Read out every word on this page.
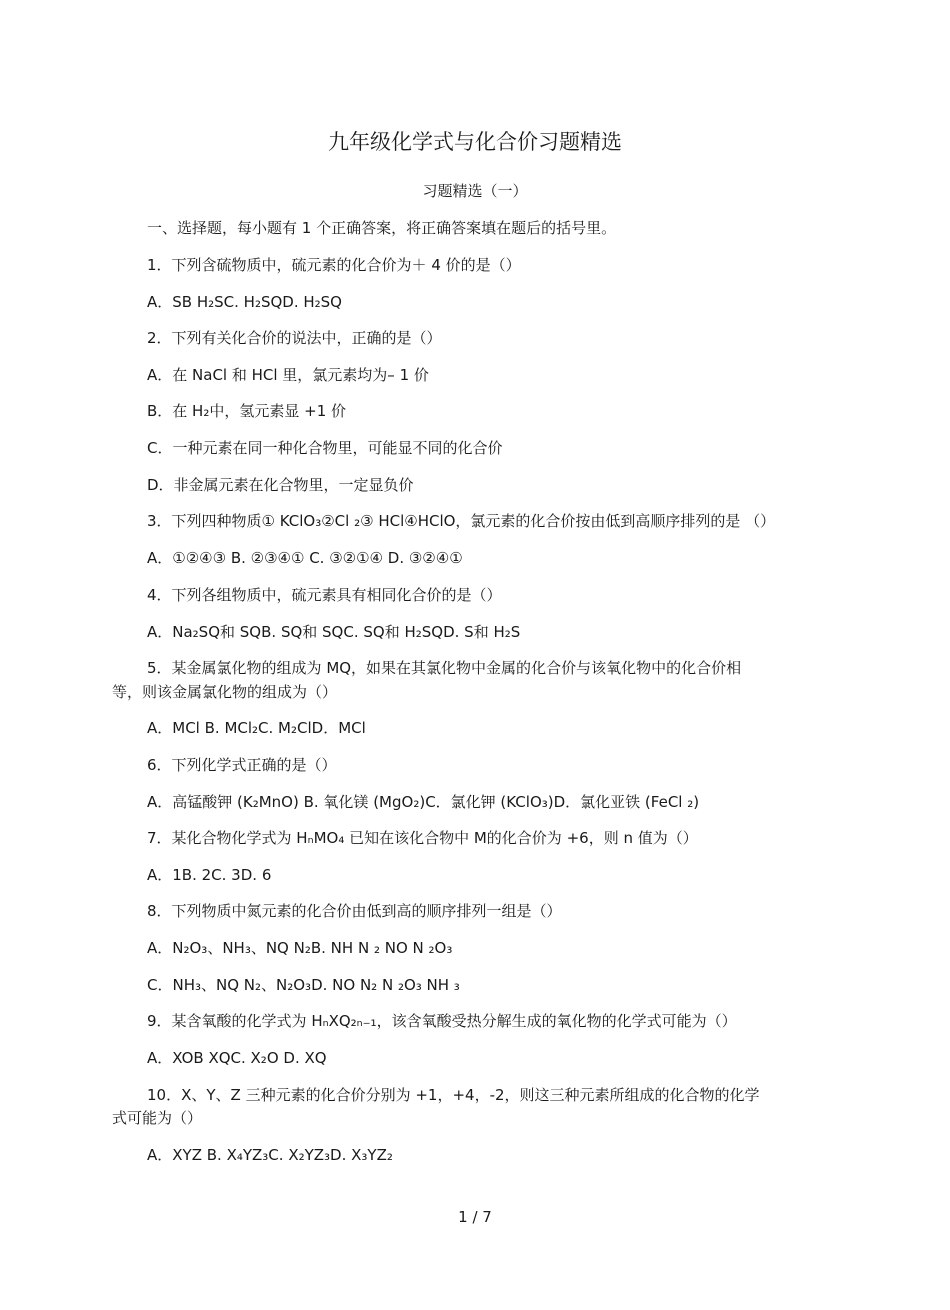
九年级化学式与化合价习题精选
习题精选（一）
一、选择题，每小题有 1 个正确答案，将正确答案填在题后的括号里。
1．下列含硫物质中，硫元素的化合价为＋ 4 价的是（）
A．SB H₂SC. H₂SQD. H₂SQ
2．下列有关化合价的说法中，正确的是（）
A．在 NaCl 和 HCl 里，氯元素均为– 1 价
B．在 H₂中，氢元素显 +1 价
C．一种元素在同一种化合物里，可能显不同的化合价
D．非金属元素在化合物里，一定显负价
3．下列四种物质① KClO₃②Cl ₂③ HCl④HClO，氯元素的化合价按由低到高顺序排列的是 （）
A．①②④③ B. ②③④① C. ③②①④ D. ③②④①
4．下列各组物质中，硫元素具有相同化合价的是（）
A．Na₂SQ和 SQB. SQ和 SQC. SQ和 H₂SQD. S和 H₂S
5．某金属氯化物的组成为 MQ，如果在其氯化物中金属的化合价与该氧化物中的化合价相
等，则该金属氯化物的组成为（）
A．MCl B. MCl₂C. M₂ClD．MCl
6．下列化学式正确的是（）
A．高锰酸钾 (K₂MnO) B. 氧化镁 (MgO₂)C．氯化钾 (KClO₃)D．氯化亚铁 (FeCl ₂)
7．某化合物化学式为 HₙMO₄ 已知在该化合物中 M的化合价为 +6，则 n 值为（）
A．1B. 2C. 3D. 6
8．下列物质中氮元素的化合价由低到高的顺序排列一组是（）
A．N₂O₃、NH₃、NQ N₂B. NH N ₂ NO N ₂O₃
C．NH₃、NQ N₂、N₂O₃D. NO N₂ N ₂O₃ NH ₃
9．某含氧酸的化学式为 HₙXQ₂ₙ₋₁，该含氧酸受热分解生成的氧化物的化学式可能为（）
A．XOB XQC. X₂O D. XQ
10．X、Y、Z 三种元素的化合价分别为 +1，+4，-2，则这三种元素所组成的化合物的化学
式可能为（）
A．XYZ B. X₄YZ₃C. X₂YZ₃D. X₃YZ₂
1 / 7
